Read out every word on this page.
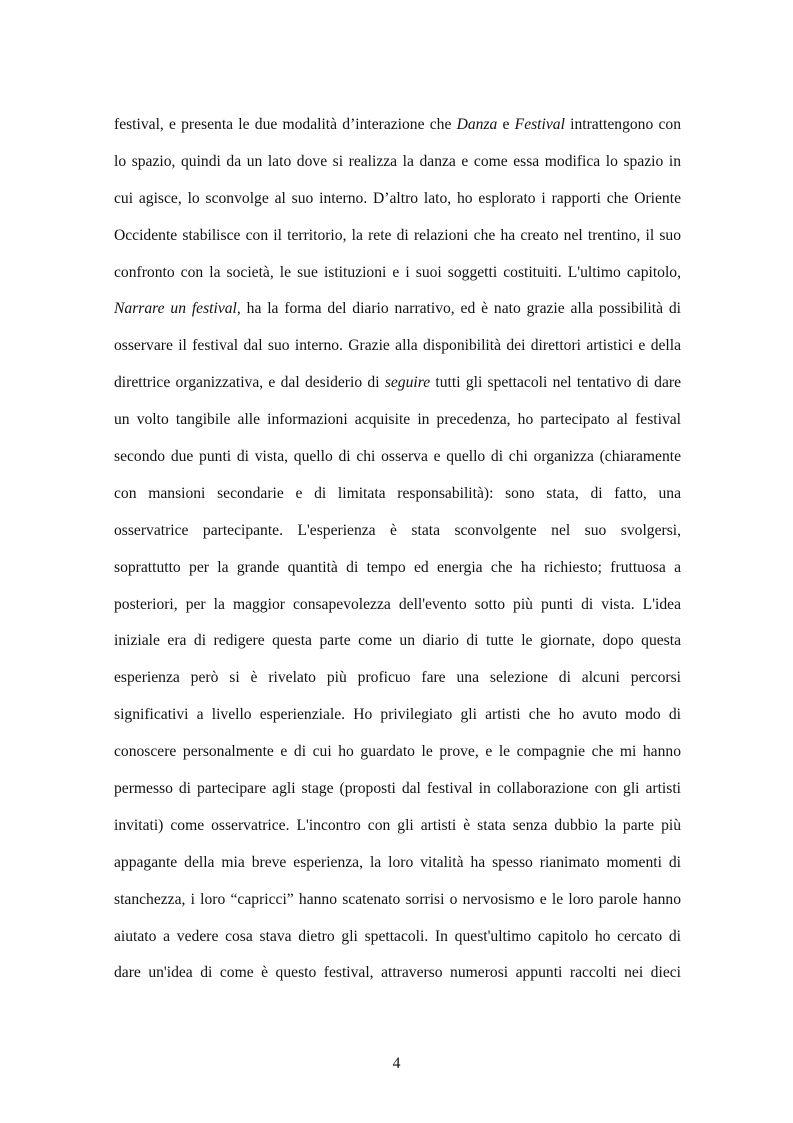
festival, e presenta le due modalità d’interazione che Danza e Festival intrattengono con
lo spazio, quindi da un lato dove si realizza la danza e come essa modifica lo spazio in
cui agisce, lo sconvolge al suo interno. D’altro lato, ho esplorato i rapporti che Oriente
Occidente stabilisce con il territorio, la rete di relazioni che ha creato nel trentino, il suo
confronto con la società, le sue istituzioni e i suoi soggetti costituiti. L'ultimo capitolo,
Narrare un festival, ha la forma del diario narrativo, ed è nato grazie alla possibilità di
osservare il festival dal suo interno. Grazie alla disponibilità dei direttori artistici e della
direttrice organizzativa, e dal desiderio di seguire tutti gli spettacoli nel tentativo di dare
un volto tangibile alle informazioni acquisite in precedenza, ho partecipato al festival
secondo due punti di vista, quello di chi osserva e quello di chi organizza (chiaramente
con mansioni secondarie e di limitata responsabilità): sono stata, di fatto, una
osservatrice partecipante. L'esperienza è stata sconvolgente nel suo svolgersi,
soprattutto per la grande quantità di tempo ed energia che ha richiesto; fruttuosa a
posteriori, per la maggior consapevolezza dell'evento sotto più punti di vista. L'idea
iniziale era di redigere questa parte come un diario di tutte le giornate, dopo questa
esperienza però si è rivelato più proficuo fare una selezione di alcuni percorsi
significativi a livello esperienziale. Ho privilegiato gli artisti che ho avuto modo di
conoscere personalmente e di cui ho guardato le prove, e le compagnie che mi hanno
permesso di partecipare agli stage (proposti dal festival in collaborazione con gli artisti
invitati) come osservatrice. L'incontro con gli artisti è stata senza dubbio la parte più
appagante della mia breve esperienza, la loro vitalità ha spesso rianimato momenti di
stanchezza, i loro “capricci” hanno scatenato sorrisi o nervosismo e le loro parole hanno
aiutato a vedere cosa stava dietro gli spettacoli. In quest'ultimo capitolo ho cercato di
dare un'idea di come è questo festival, attraverso numerosi appunti raccolti nei dieci
4
